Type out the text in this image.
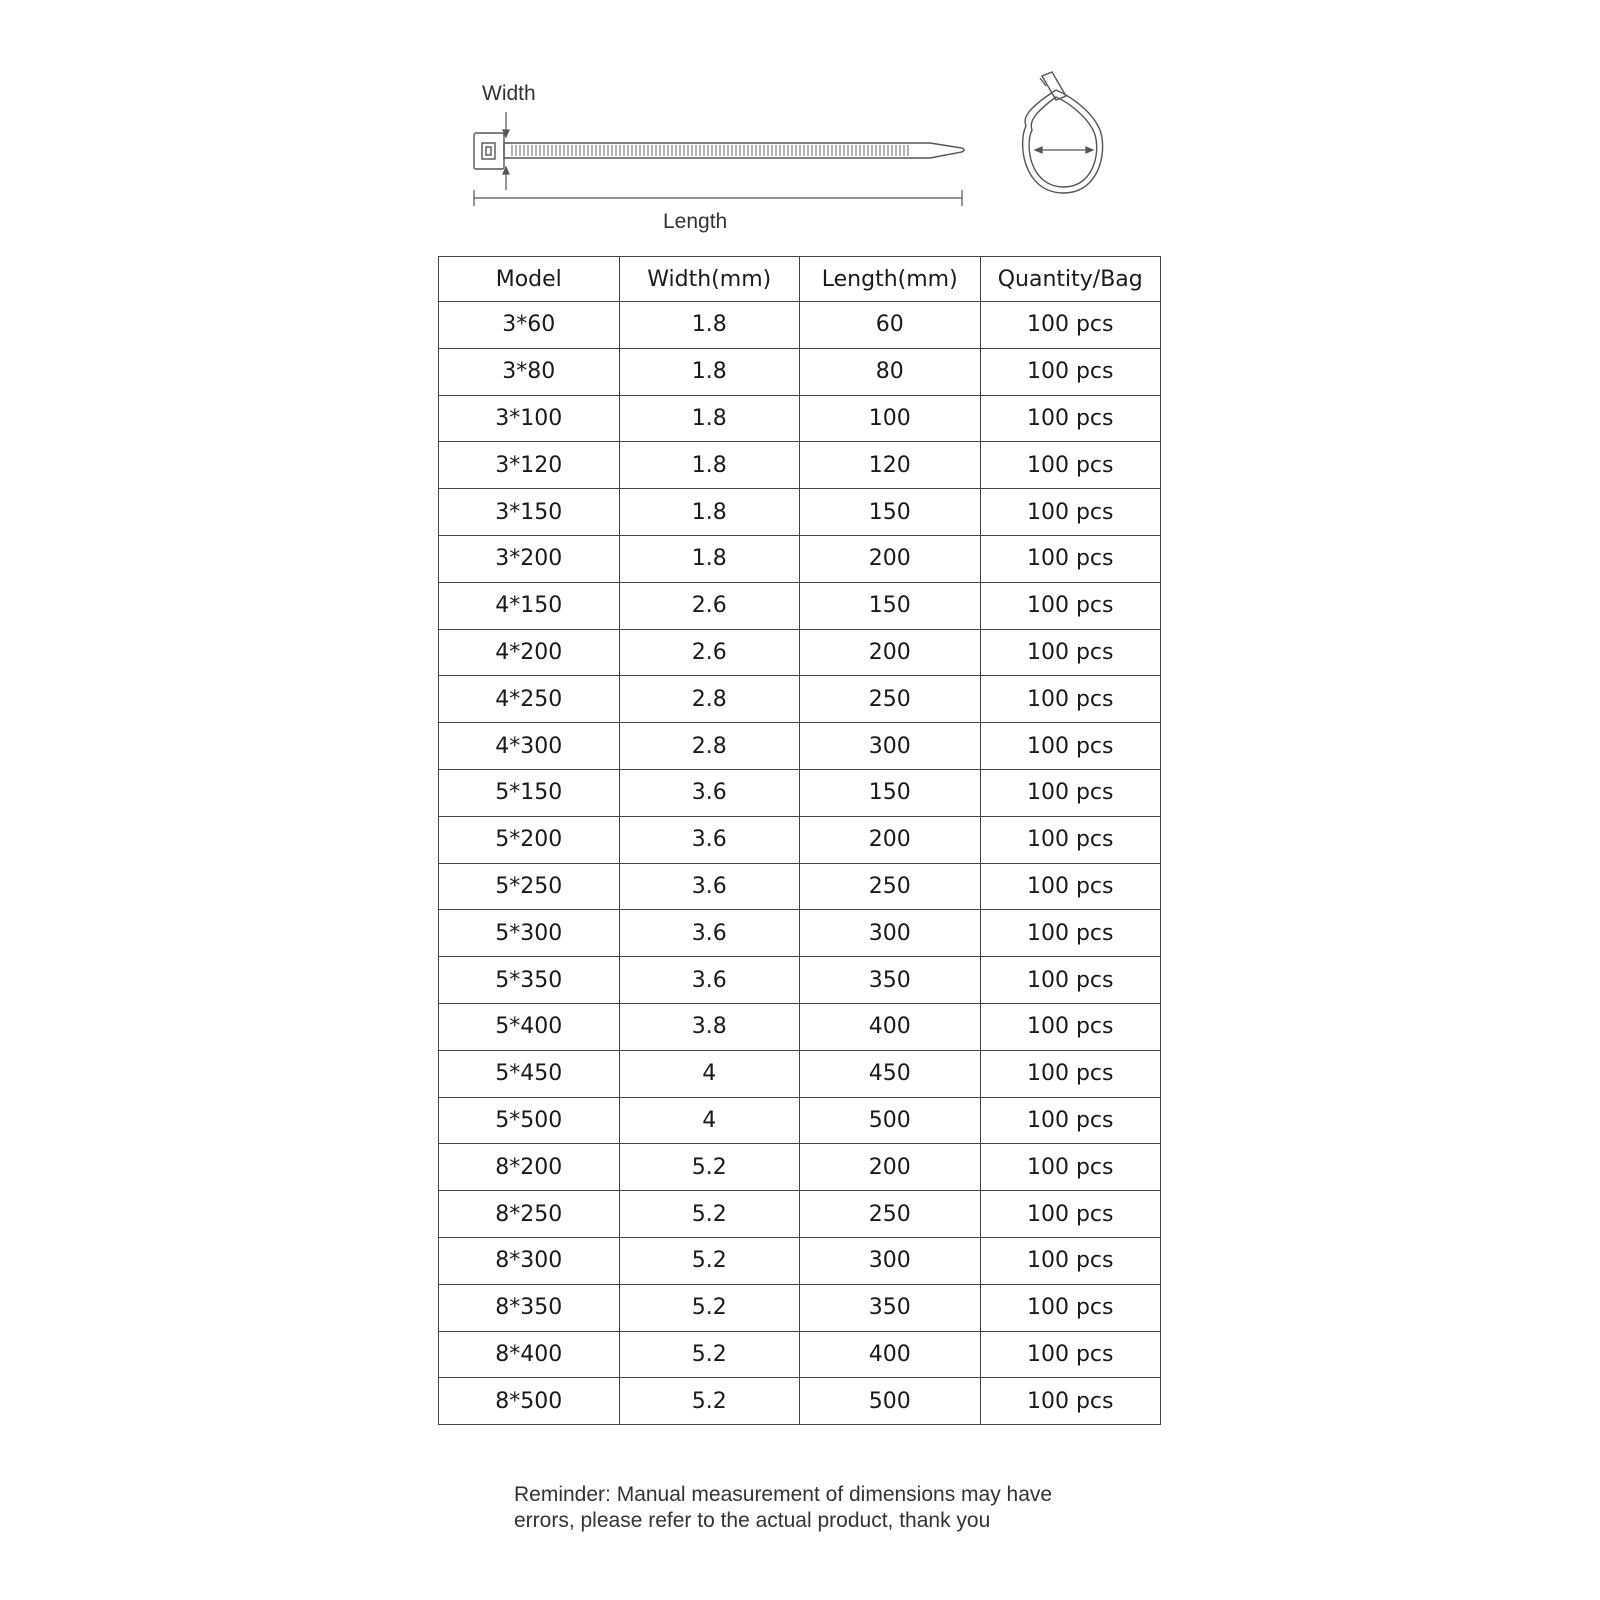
Width
Length
Model	Width(mm)	Length(mm)	Quantity/Bag
3*60	1.8	60	100 pcs
3*80	1.8	80	100 pcs
3*100	1.8	100	100 pcs
3*120	1.8	120	100 pcs
3*150	1.8	150	100 pcs
3*200	1.8	200	100 pcs
4*150	2.6	150	100 pcs
4*200	2.6	200	100 pcs
4*250	2.8	250	100 pcs
4*300	2.8	300	100 pcs
5*150	3.6	150	100 pcs
5*200	3.6	200	100 pcs
5*250	3.6	250	100 pcs
5*300	3.6	300	100 pcs
5*350	3.6	350	100 pcs
5*400	3.8	400	100 pcs
5*450	4	450	100 pcs
5*500	4	500	100 pcs
8*200	5.2	200	100 pcs
8*250	5.2	250	100 pcs
8*300	5.2	300	100 pcs
8*350	5.2	350	100 pcs
8*400	5.2	400	100 pcs
8*500	5.2	500	100 pcs
Reminder: Manual measurement of dimensions may have
errors, please refer to the actual product, thank you
